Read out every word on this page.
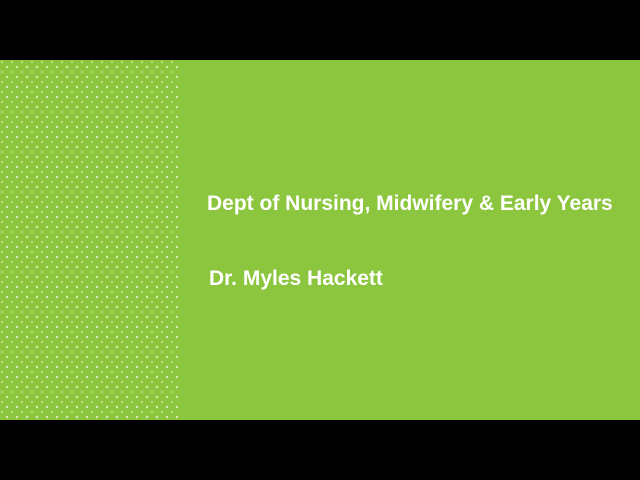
Dept of Nursing, Midwifery & Early Years
Dr. Myles Hackett
